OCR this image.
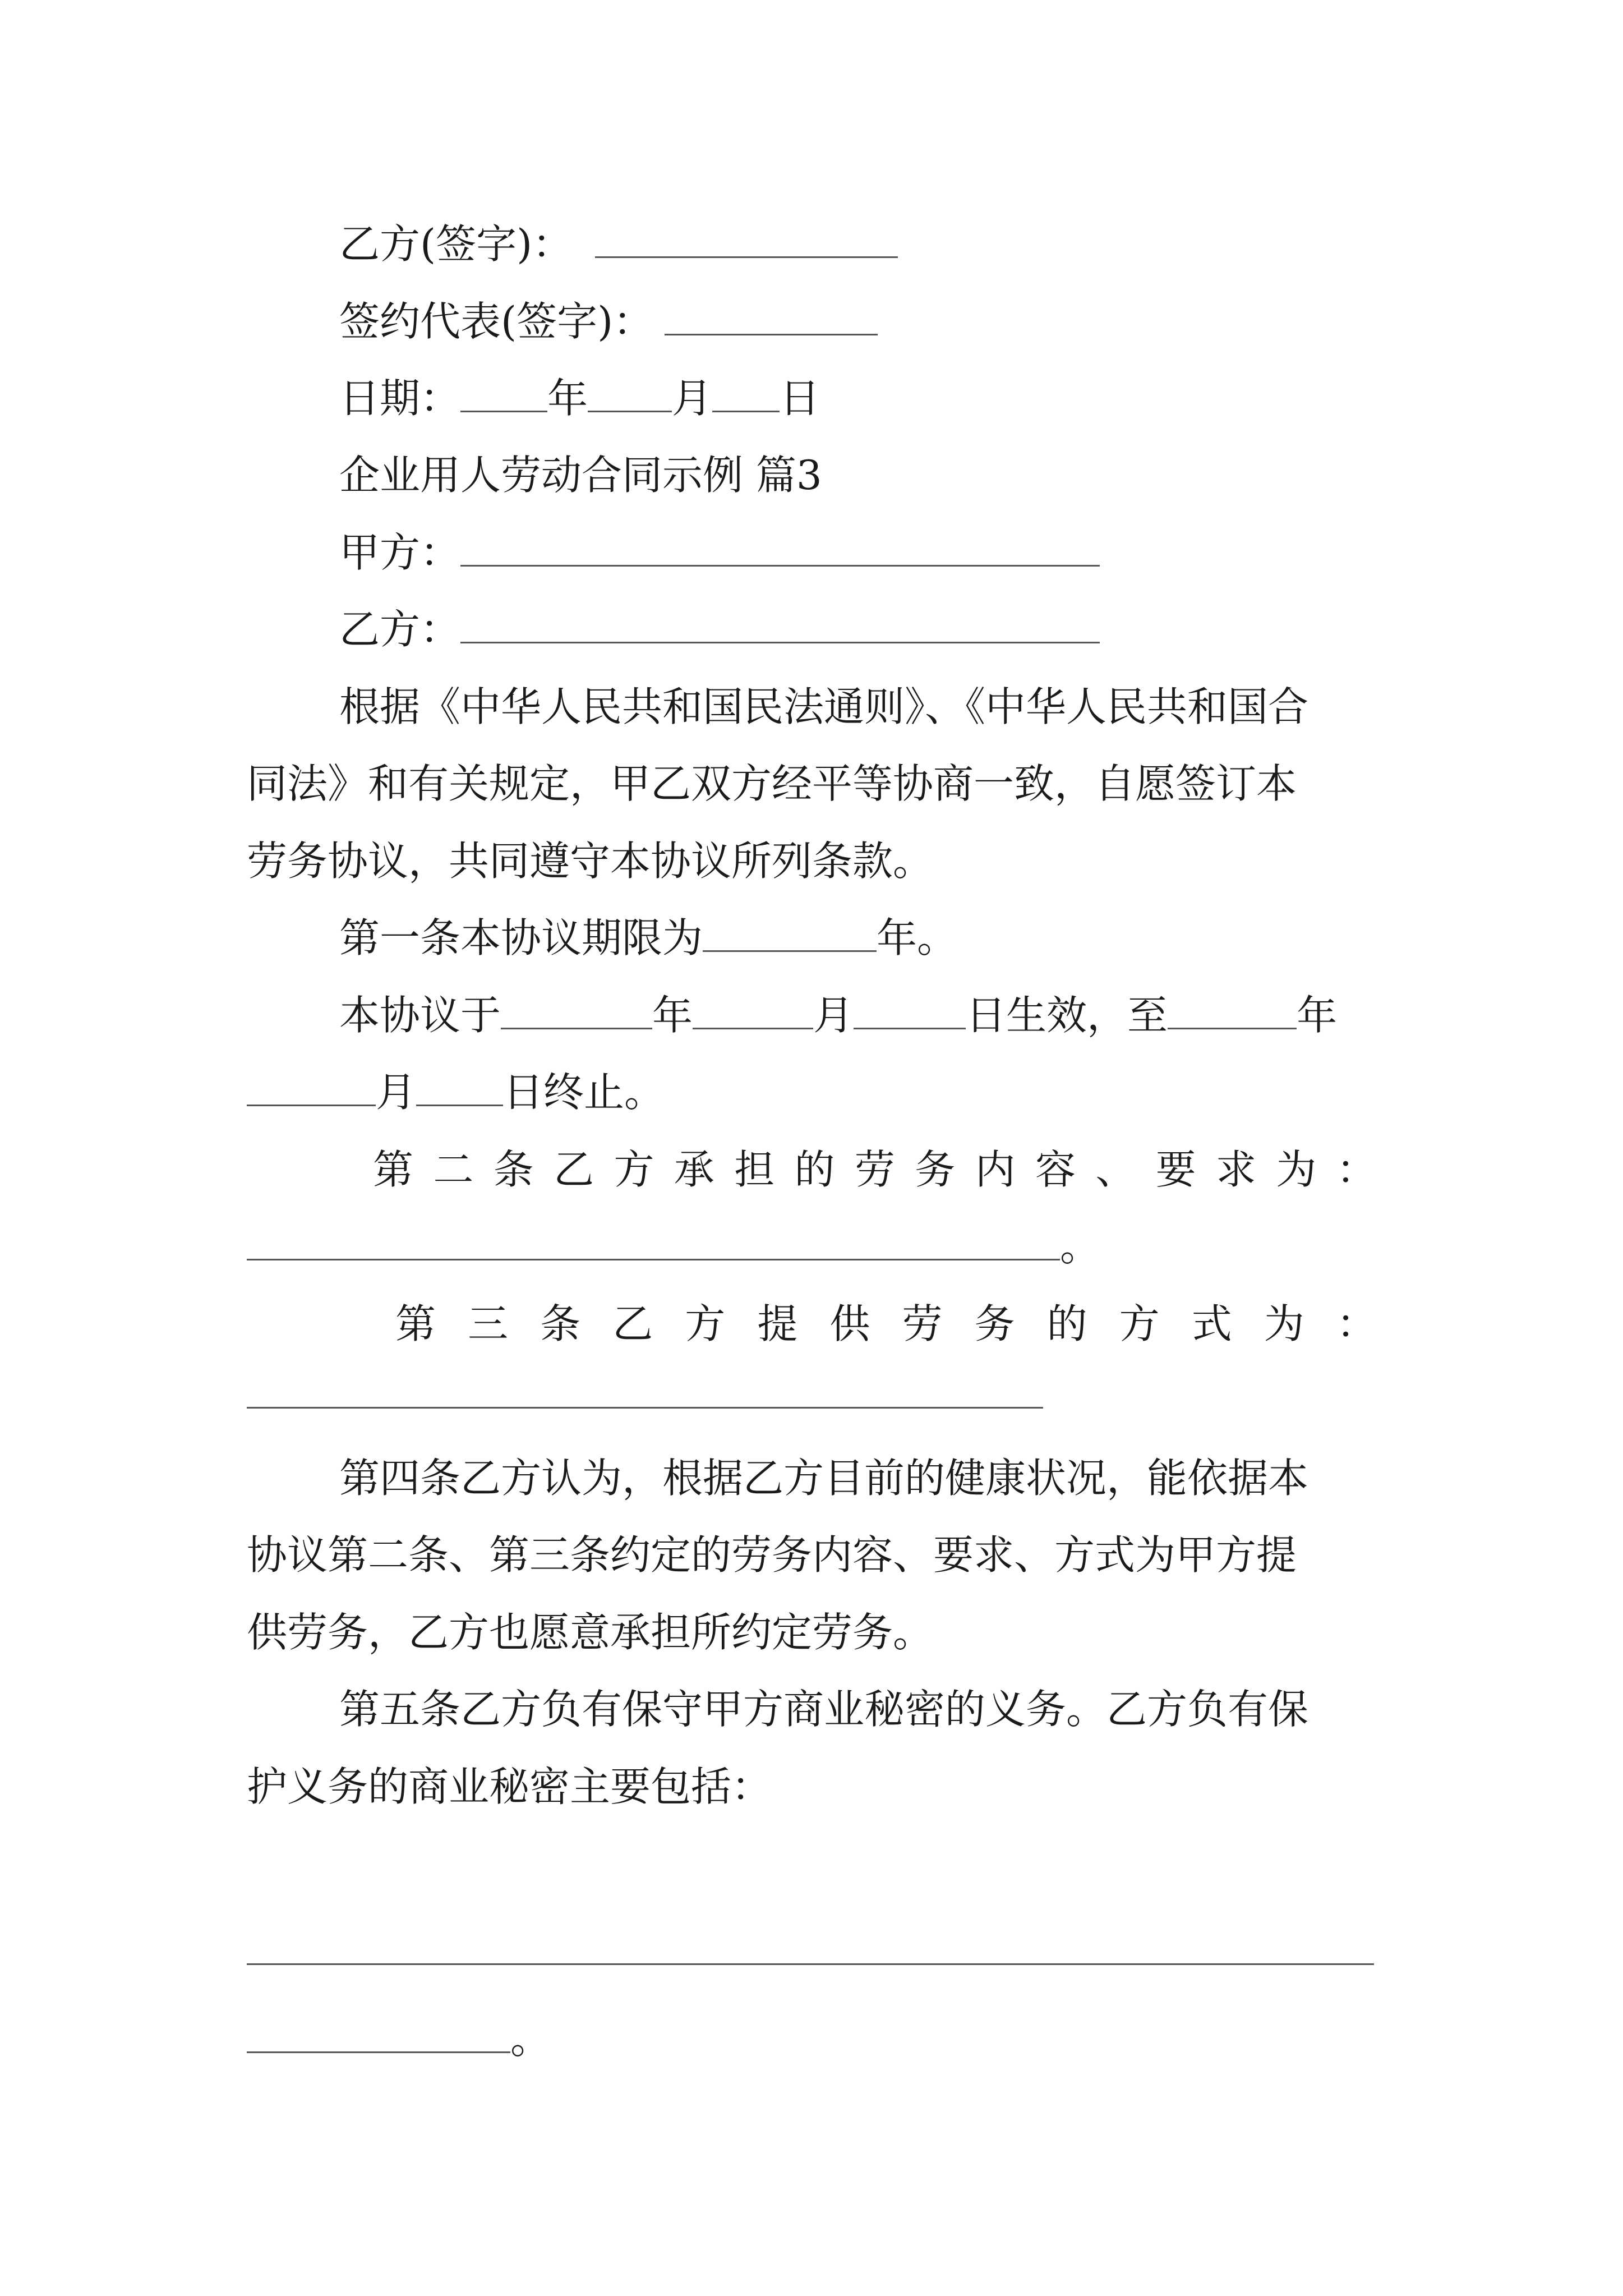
乙方(签字)：
签约代表(签字)：
日期： 年 月 日
企业用人劳动合同示例 篇3
甲方：
乙方：
根据《中华人民共和国民法通则》、《中华人民共和国合
同法》和有关规定，甲乙双方经平等协商一致，自愿签订本
劳务协议，共同遵守本协议所列条款。
第一条本协议期限为	年。
本协议于	年	月	日生效，至	年
月 日终止。
第 二 条 乙 方 承 担 的 劳 务 内 容 、 要 求 为 ：
。
第 三 条 乙 方 提 供 劳 务 的 方 式 为 ：
第四条乙方认为，根据乙方目前的健康状况，能依据本
协议第二条、第三条约定的劳务内容、要求、方式为甲方提
供劳务，乙方也愿意承担所约定劳务。
第五条乙方负有保守甲方商业秘密的义务。乙方负有保
护义务的商业秘密主要包括：
。
